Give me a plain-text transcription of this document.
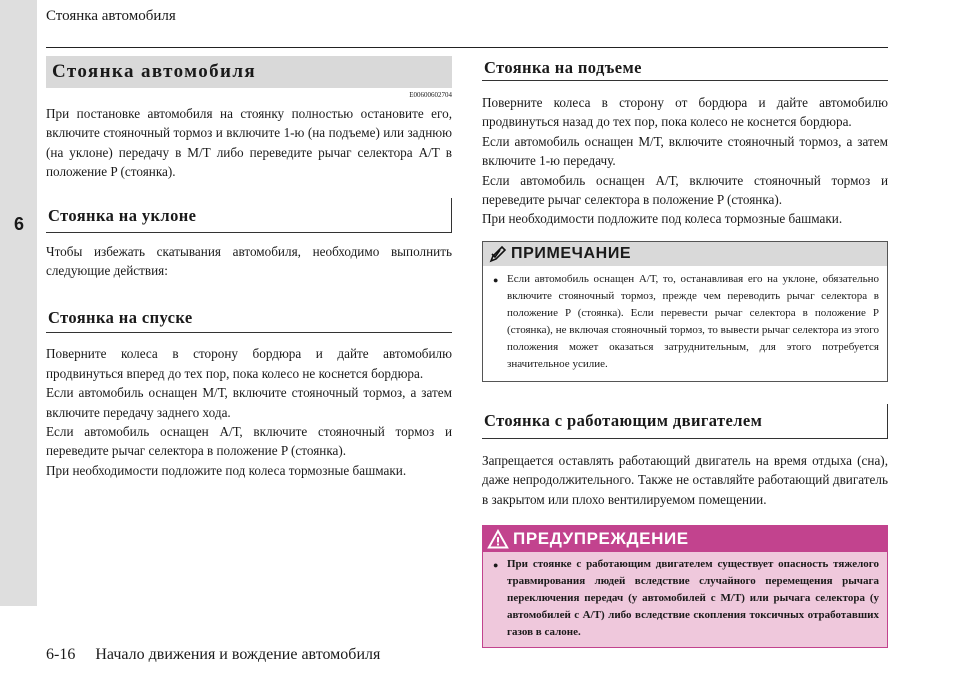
6
Стоянка автомобиля
Стоянка автомобиля
E00600602704

При постановке автомобиля на стоянку полностью остановите его, включите стояночный тормоз и включите 1-ю (на подъеме) или заднюю (на уклоне) передачу в М/Т либо переведите рычаг селектора А/Т в положение P (стоянка).

Стоянка на уклоне

Чтобы избежать скатывания автомобиля, необходимо выполнить следующие действия:

Стоянка на спуске

Поверните колеса в сторону бордюра и дайте автомобилю продвинуться вперед до тех пор, пока колесо не коснется бордюра.

Если автомобиль оснащен М/Т, включите стояночный тормоз, а затем включите передачу заднего хода.

Если автомобиль оснащен А/Т, включите стояночный тормоз и переведите рычаг селектора в положение P (стоянка).

При необходимости подложите под колеса тормозные башмаки.

Стоянка на подъеме

Поверните колеса в сторону от бордюра и дайте автомобилю продвинуться назад до тех пор, пока колесо не коснется бордюра.

Если автомобиль оснащен М/Т, включите стояночный тормоз, а затем включите 1-ю передачу.

Если автомобиль оснащен А/Т, включите стояночный тормоз и переведите рычаг селектора в положение P (стоянка).

При необходимости подложите под колеса тормозные башмаки.

ПРИМЕЧАНИЕ
● Если автомобиль оснащен А/Т, то, останавливая его на уклоне, обязательно включите стояночный тормоз, прежде чем переводить рычаг селектора в положение P (стоянка). Если перевести рычаг селектора в положение P (стоянка), не включая стояночный тормоз, то вывести рычаг селектора из этого положения может оказаться затруднительным, для этого потребуется значительное усилие.

Стоянка с работающим двигателем

Запрещается оставлять работающий двигатель на время отдыха (сна), даже непродолжительного. Также не оставляйте работающий двигатель в закрытом или плохо вентилируемом помещении.

ПРЕДУПРЕЖДЕНИЕ
● При стоянке с работающим двигателем существует опасность тяжелого травмирования людей вследствие случайного перемещения рычага переключения передач (у автомобилей с М/Т) или рычага селектора (у автомобилей с А/Т) либо вследствие скопления токсичных отработавших газов в салоне.

6-16 Начало движения и вождение автомобиля
